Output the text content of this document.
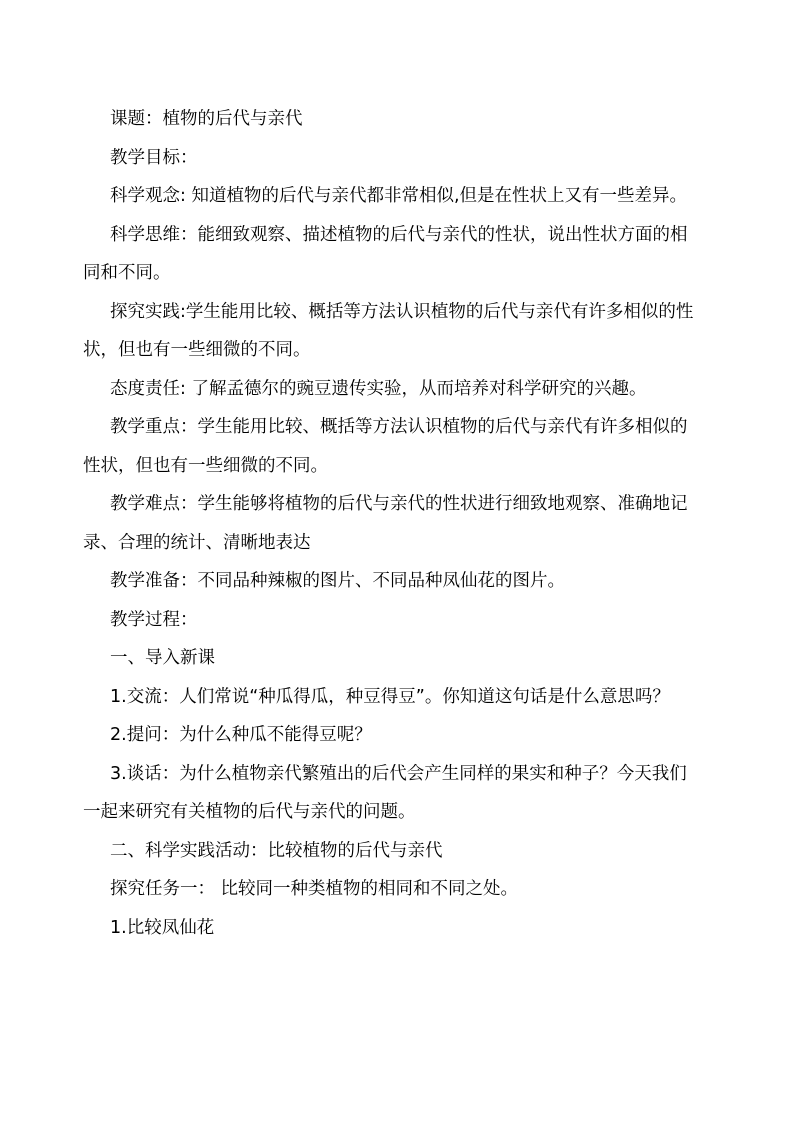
课题：植物的后代与亲代

教学目标：

科学观念: 知道植物的后代与亲代都非常相似,但是在性状上又有一些差异。

科学思维：能细致观察、描述植物的后代与亲代的性状，说出性状方面的相

同和不同。

探究实践:学生能用比较、概括等方法认识植物的后代与亲代有许多相似的性

状，但也有一些细微的不同。

态度责任: 了解孟德尔的豌豆遗传实验，从而培养对科学研究的兴趣。

教学重点：学生能用比较、概括等方法认识植物的后代与亲代有许多相似的

性状，但也有一些细微的不同。

教学难点：学生能够将植物的后代与亲代的性状进行细致地观察、准确地记

录、合理的统计、清晰地表达

教学准备：不同品种辣椒的图片、不同品种凤仙花的图片。

教学过程：

一、导入新课

1.交流：人们常说“种瓜得瓜，种豆得豆”。你知道这句话是什么意思吗？

2.提问：为什么种瓜不能得豆呢？

3.谈话：为什么植物亲代繁殖出的后代会产生同样的果实和种子？今天我们

一起来研究有关植物的后代与亲代的问题。

二、科学实践活动：比较植物的后代与亲代

探究任务一： 比较同一种类植物的相同和不同之处。

1.比较凤仙花
